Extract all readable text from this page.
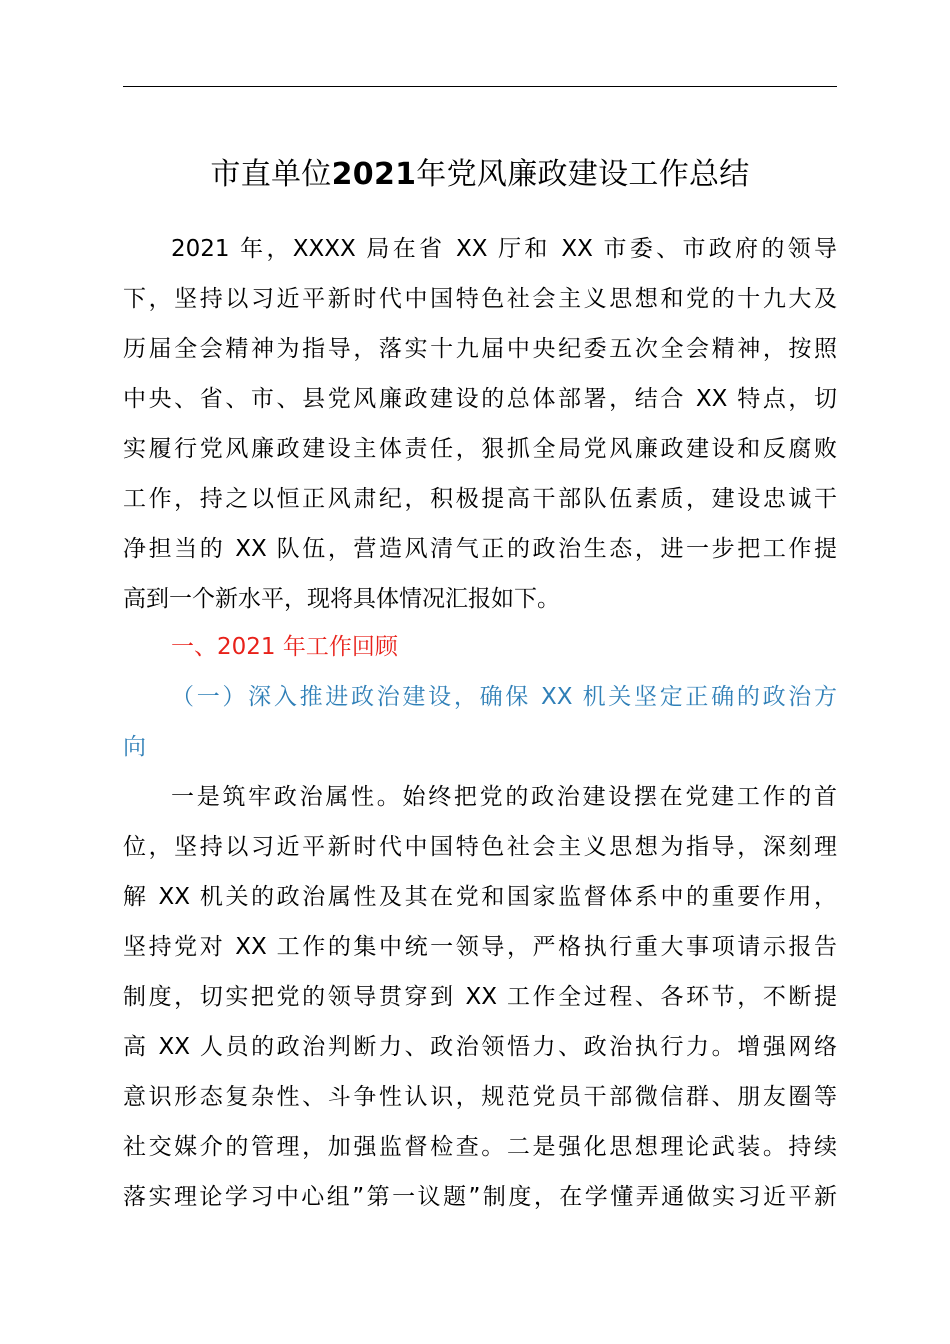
市直单位2021年党风廉政建设工作总结
2021 年，XXXX 局在省 XX 厅和 XX 市委、市政府的领导
下，坚持以习近平新时代中国特色社会主义思想和党的十九大及
历届全会精神为指导，落实十九届中央纪委五次全会精神，按照
中央、省、市、县党风廉政建设的总体部署，结合 XX 特点，切
实履行党风廉政建设主体责任，狠抓全局党风廉政建设和反腐败
工作，持之以恒正风肃纪，积极提高干部队伍素质，建设忠诚干
净担当的 XX 队伍，营造风清气正的政治生态，进一步把工作提
高到一个新水平，现将具体情况汇报如下。
一、2021 年工作回顾
（一）深入推进政治建设，确保 XX 机关坚定正确的政治方
向
一是筑牢政治属性。始终把党的政治建设摆在党建工作的首
位，坚持以习近平新时代中国特色社会主义思想为指导，深刻理
解 XX 机关的政治属性及其在党和国家监督体系中的重要作用，
坚持党对 XX 工作的集中统一领导，严格执行重大事项请示报告
制度，切实把党的领导贯穿到 XX 工作全过程、各环节，不断提
高 XX 人员的政治判断力、政治领悟力、政治执行力。增强网络
意识形态复杂性、斗争性认识，规范党员干部微信群、朋友圈等
社交媒介的管理，加强监督检查。二是强化思想理论武装。持续
落实理论学习中心组”第一议题”制度，在学懂弄通做实习近平新
